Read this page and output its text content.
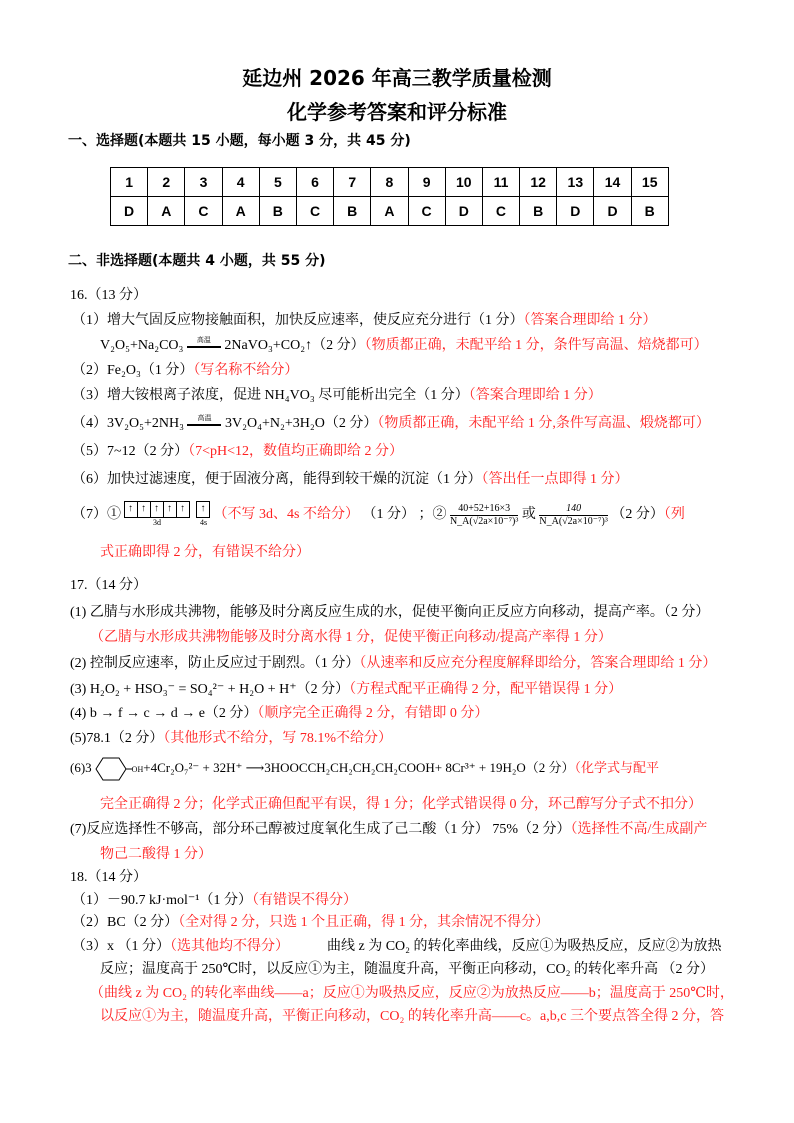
延边州 2026 年高三教学质量检测
化学参考答案和评分标准
一、选择题(本题共 15 小题，每小题 3 分，共 45 分)
1	2	3	4	5	6	7	8	9	10	11	12	13	14	15
D	A	C	A	B	C	B	A	C	D	C	B	D	D	B
二、非选择题(本题共 4 小题，共 55 分)
16.（13 分）
（1）增大气固反应物接触面积，加快反应速率，使反应充分进行（1 分）（答案合理即给 1 分）
V₂O₅+Na₂CO₃	高温 2NaVO₃+CO₂↑（2 分）（物质都正确，未配平给 1 分，条件写高温、焙烧都可）
（2）Fe₂O₃（1 分）（写名称不给分）
（3）增大铵根离子浓度，促进 NH₄VO₃ 尽可能析出完全（1 分）（答案合理即给 1 分）
（4）3V₂O₅+2NH₃	高温 3V₂O₄+N₂+3H₂O（2 分）（物质都正确，未配平给 1 分,条件写高温、煅烧都可）
（5）7~12（2 分）（7<pH<12，数值均正确即给 2 分）
（6）加快过滤速度，便于固液分离，能得到较干燥的沉淀（1 分）（答出任一点即得 1 分）
（7）① ↑ ↑ ↑ ↑ ↑
3d
↑
4s
（不写 3d、4s 不给分） （1 分） ；② $\frac{40+52+16\times 3}{\text{N\_A(√2a×10⁻⁷)³}}$ 或 $\frac{140}{\text{N\_A(√2a×10⁻⁷)³}} (2$ 分）（列
式正确即得 2 分，有错误不给分）
17.（14 分）
(1) 乙腈与水形成共沸物，能够及时分离反应生成的水，促使平衡向正反应方向移动，提高产率。（2 分）
（乙腈与水形成共沸物能够及时分离水得 1 分，促使平衡正向移动/提高产率得 1 分）
(2) 控制反应速率，防止反应过于剧烈。（1 分）（从速率和反应充分程度解释即给分，答案合理即给 1 分）
(3) H₂O₂ + HSO₃⁻ = SO₄²⁻ + H₂O + H⁺（2 分）（方程式配平正确得 2 分，配平错误得 1 分）
(4) b → f → c → d → e（2 分）（顺序完全正确得 2 分，有错即 0 分）
(5)78.1（2 分）（其他形式不给分，写 78.1%不给分）
(6)3	OH+4Cr₂O₇²⁻ + 32H⁺ ⟶3HOOCCH₂CH₂CH₂CH₂COOH+ 8Cr³⁺ + 19H₂O（2 分）（化学式与配平
完全正确得 2 分；化学式正确但配平有误，得 1 分；化学式错误得 0 分，环己醇写分子式不扣分）
(7)反应选择性不够高，部分环己醇被过度氧化生成了己二酸（1 分） 75%（2 分）（选择性不高/生成副产
物己二酸得 1 分）
18.（14 分）
（1）－90.7 kJ·mol⁻¹（1 分）（有错误不得分）
（2）BC（2 分）（全对得 2 分，只选 1 个且正确，得 1 分，其余情况不得分）
（3）x （1 分）（选其他均不得分）	曲线 z 为 CO₂ 的转化率曲线，反应①为吸热反应，反应②为放热
反应；温度高于 250℃时，以反应①为主，随温度升高，平衡正向移动，CO₂ 的转化率升高 （2 分）
（曲线 z 为 CO₂ 的转化率曲线——a；反应①为吸热反应，反应②为放热反应——b；温度高于 250℃时，
以反应①为主，随温度升高，平衡正向移动，CO₂ 的转化率升高——c。a,b,c 三个要点答全得 2 分，答
